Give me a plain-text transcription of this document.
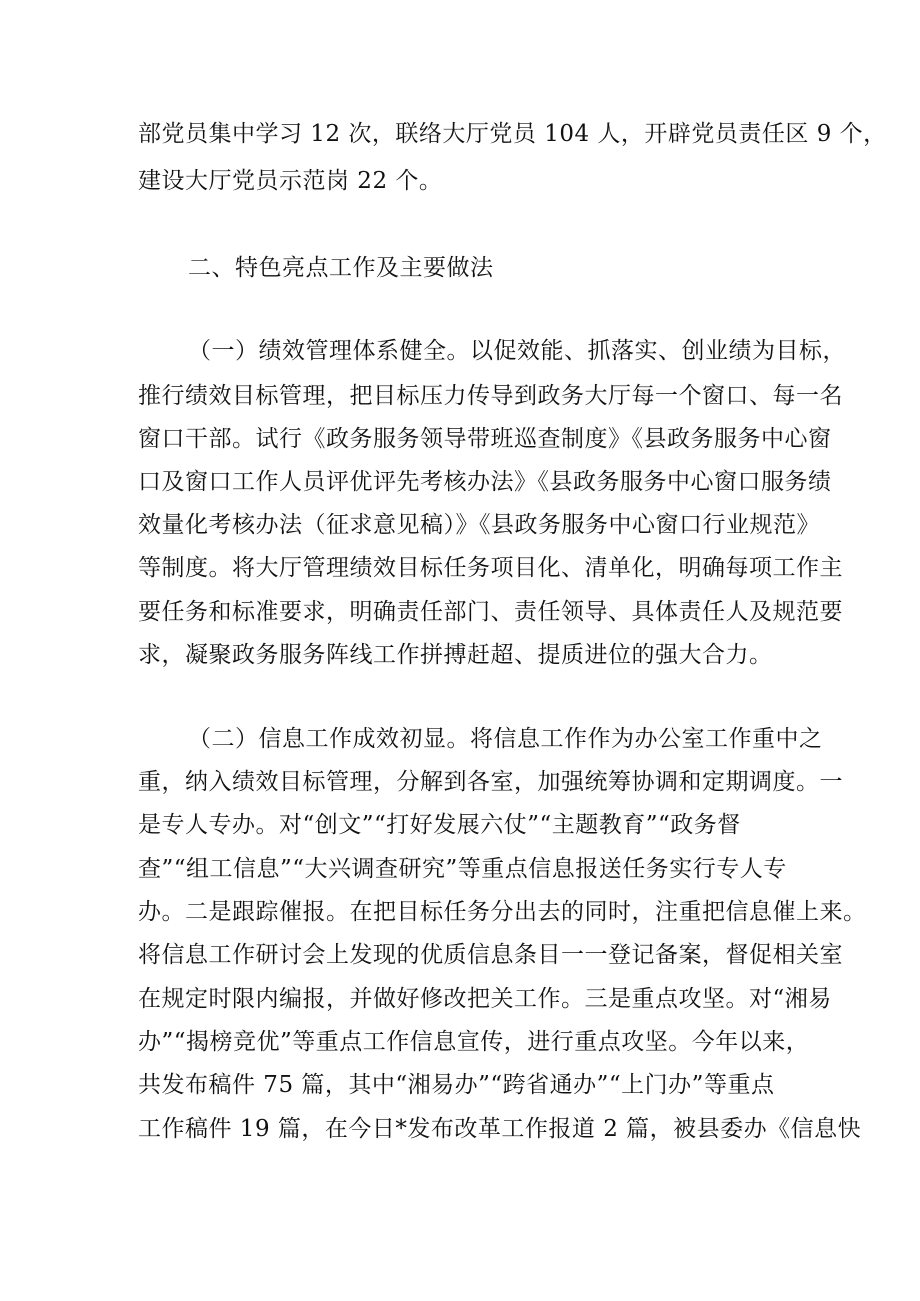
部党员集中学习 12 次，联络大厅党员 104 人，开辟党员责任区 9 个，
建设大厅党员示范岗 22 个。
二、特色亮点工作及主要做法
（一）绩效管理体系健全。以促效能、抓落实、创业绩为目标，
推行绩效目标管理，把目标压力传导到政务大厅每一个窗口、每一名
窗口干部。试行《政务服务领导带班巡查制度》《县政务服务中心窗
口及窗口工作人员评优评先考核办法》《县政务服务中心窗口服务绩
效量化考核办法（征求意见稿）》《县政务服务中心窗口行业规范》
等制度。将大厅管理绩效目标任务项目化、清单化，明确每项工作主
要任务和标准要求，明确责任部门、责任领导、具体责任人及规范要
求，凝聚政务服务阵线工作拼搏赶超、提质进位的强大合力。
（二）信息工作成效初显。将信息工作作为办公室工作重中之
重，纳入绩效目标管理，分解到各室，加强统筹协调和定期调度。一
是专人专办。对“创文”“打好发展六仗”“主题教育”“政务督
查”“组工信息”“大兴调查研究”等重点信息报送任务实行专人专
办。二是跟踪催报。在把目标任务分出去的同时，注重把信息催上来。
将信息工作研讨会上发现的优质信息条目一一登记备案，督促相关室
在规定时限内编报，并做好修改把关工作。三是重点攻坚。对“湘易
办”“揭榜竞优”等重点工作信息宣传，进行重点攻坚。今年以来，
共发布稿件 75 篇，其中“湘易办”“跨省通办”“上门办”等重点
工作稿件 19 篇，在今日*发布改革工作报道 2 篇，被县委办《信息快
